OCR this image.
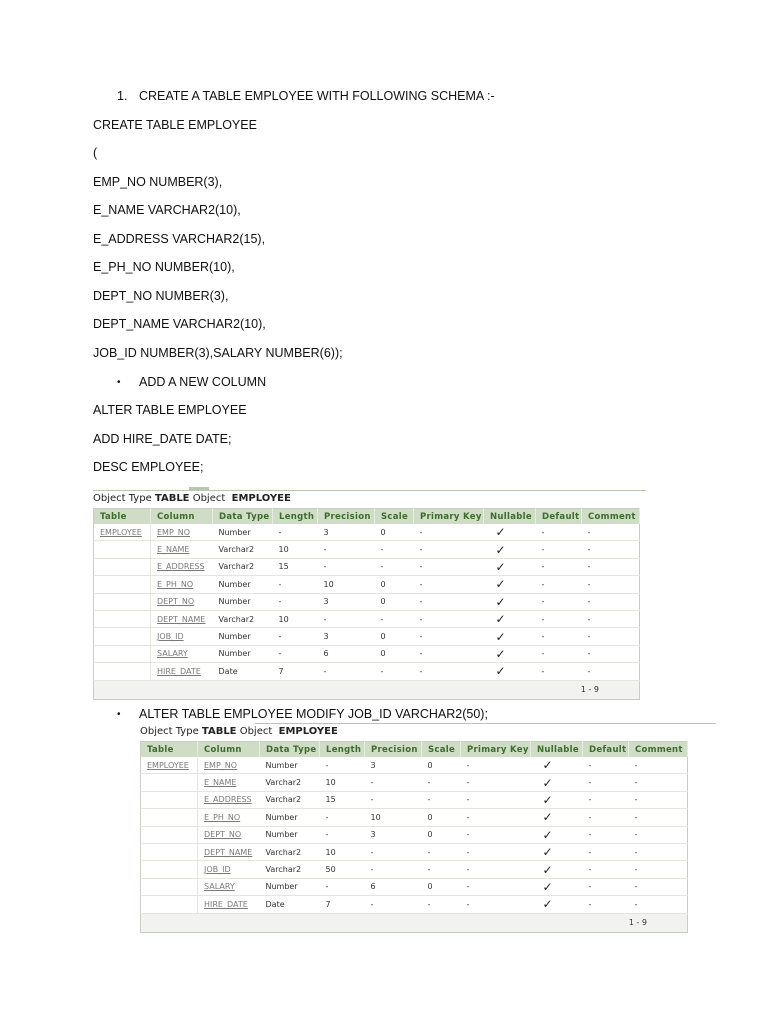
1. CREATE A TABLE EMPLOYEE WITH FOLLOWING SCHEMA :-
CREATE TABLE EMPLOYEE
(
EMP_NO NUMBER(3),
E_NAME VARCHAR2(10),
E_ADDRESS VARCHAR2(15),
E_PH_NO NUMBER(10),
DEPT_NO NUMBER(3),
DEPT_NAME VARCHAR2(10),
JOB_ID NUMBER(3),SALARY NUMBER(6));
• ADD A NEW COLUMN
ALTER TABLE EMPLOYEE
ADD HIRE_DATE DATE;
DESC EMPLOYEE;
Object Type TABLE Object EMPLOYEE
Table	Column	Data Type	Length	Precision	Scale	Primary Key	Nullable	Default	Comment
EMPLOYEE	EMP_NO	Number	-	3	0	-	✓	-	-
	E_NAME	Varchar2	10	-	-	-	✓	-	-
	E_ADDRESS	Varchar2	15	-	-	-	✓	-	-
	E_PH_NO	Number	-	10	0	-	✓	-	-
	DEPT_NO	Number	-	3	0	-	✓	-	-
	DEPT_NAME	Varchar2	10	-	-	-	✓	-	-
	JOB_ID	Number	-	3	0	-	✓	-	-
	SALARY	Number	-	6	0	-	✓	-	-
	HIRE_DATE	Date	7	-	-	-	✓	-	-
1 - 9
• ALTER TABLE EMPLOYEE MODIFY JOB_ID VARCHAR2(50);
Object Type TABLE Object EMPLOYEE
Table	Column	Data Type	Length	Precision	Scale	Primary Key	Nullable	Default	Comment
EMPLOYEE	EMP_NO	Number	-	3	0	-	✓	-	-
	E_NAME	Varchar2	10	-	-	-	✓	-	-
	E_ADDRESS	Varchar2	15	-	-	-	✓	-	-
	E_PH_NO	Number	-	10	0	-	✓	-	-
	DEPT_NO	Number	-	3	0	-	✓	-	-
	DEPT_NAME	Varchar2	10	-	-	-	✓	-	-
	JOB_ID	Varchar2	50	-	-	-	✓	-	-
	SALARY	Number	-	6	0	-	✓	-	-
	HIRE_DATE	Date	7	-	-	-	✓	-	-
1 - 9
